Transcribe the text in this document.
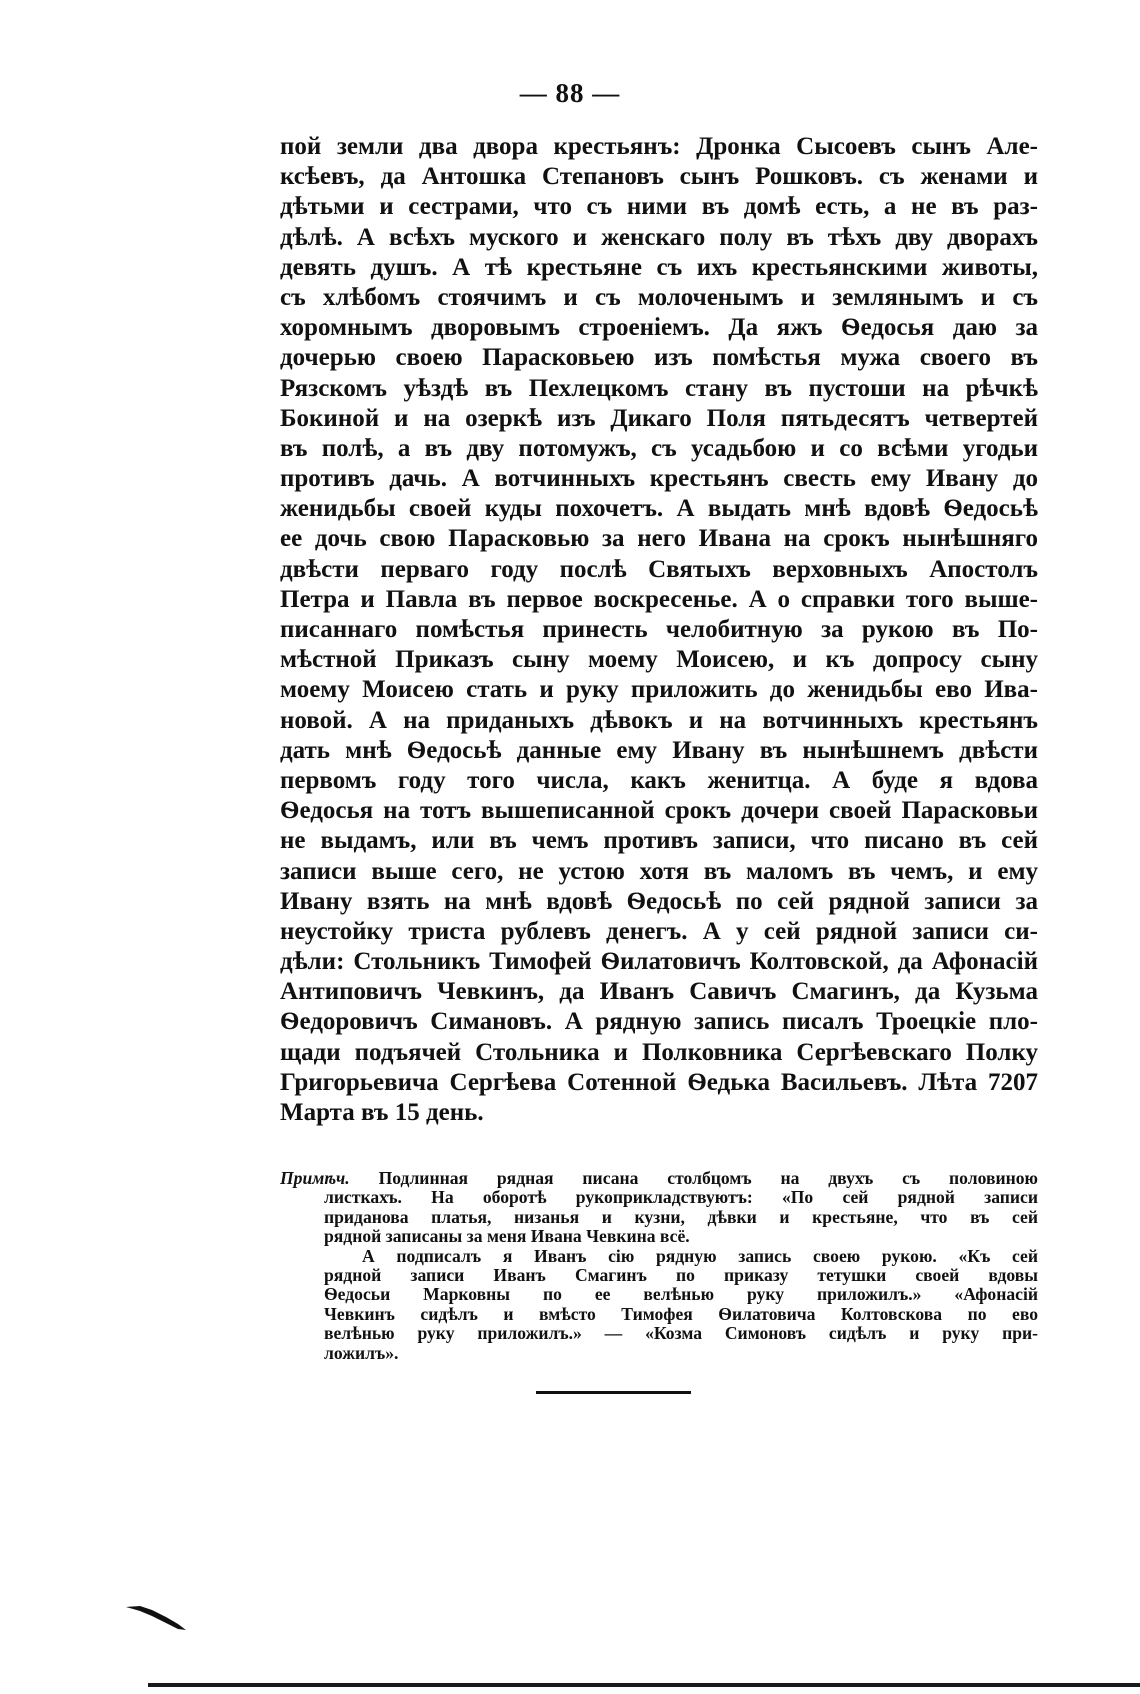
— 88 —
пой земли два двора крестьянъ: Дронка Сысоевъ сынъ Але-
ксѣевъ, да Антошка Степановъ сынъ Рошковъ. съ женами и
дѣтьми и сестрами, что съ ними въ домѣ есть, а не въ раз-
дѣлѣ. А всѣхъ муского и женскаго полу въ тѣхъ дву дворахъ
девять душъ. А тѣ крестьяне съ ихъ крестьянскими животы,
съ хлѣбомъ стоячимъ и съ молоченымъ и землянымъ и съ
хоромнымъ дворовымъ строеніемъ. Да яжъ Ѳедосья даю за
дочерью своею Парасковьею изъ помѣстья мужа своего въ
Рязскомъ уѣздѣ въ Пехлецкомъ стану въ пустоши на рѣчкѣ
Бокиной и на озеркѣ изъ Дикаго Поля пятьдесятъ четвертей
въ полѣ, а въ дву потомужъ, съ усадьбою и со всѣми угодьи
противъ дачь. А вотчинныхъ крестьянъ свесть ему Ивану до
женидьбы своей куды похочетъ. А выдать мнѣ вдовѣ Ѳедосьѣ
ее дочь свою Парасковью за него Ивана на срокъ нынѣшняго
двѣсти перваго году послѣ Святыхъ верховныхъ Апостолъ
Петра и Павла въ первое воскресенье. А о справки того выше-
писаннаго помѣстья принесть челобитную за рукою въ По-
мѣстной Приказъ сыну моему Моисею, и къ допросу сыну
моему Моисею стать и руку приложить до женидьбы ево Ива-
новой. А на приданыхъ дѣвокъ и на вотчинныхъ крестьянъ
дать мнѣ Ѳедосьѣ данные ему Ивану въ нынѣшнемъ двѣсти
первомъ году того числа, какъ женитца. А буде я вдова
Ѳедосья на тотъ вышеписанной срокъ дочери своей Парасковьи
не выдамъ, или въ чемъ противъ записи, что писано въ сей
записи выше сего, не устою хотя въ маломъ въ чемъ, и ему
Ивану взять на мнѣ вдовѣ Ѳедосьѣ по сей рядной записи за
неустойку триста рублевъ денегъ. А у сей рядной записи си-
дѣли: Стольникъ Тимофей Ѳилатовичъ Колтовской, да Афонасій
Антиповичъ Чевкинъ, да Иванъ Савичъ Смагинъ, да Кузьма
Ѳедоровичъ Симановъ. А рядную запись писалъ Троецкіе пло-
щади подъячей Стольника и Полковника Сергѣевскаго Полку
Григорьевича Сергѣева Сотенной Ѳедька Васильевъ. Лѣта 7207
Марта въ 15 день.
Примѣч. Подлинная рядная писана столбцомъ на двухъ съ половиною
листкахъ. На оборотѣ рукоприкладствуютъ: «По сей рядной записи
приданова платья, низанья и кузни, дѣвки и крестьяне, что въ сей
рядной записаны за меня Ивана Чевкина всё.
А подписалъ я Иванъ сію рядную запись своею рукою. «Къ сей
рядной записи Иванъ Смагинъ по приказу тетушки своей вдовы
Ѳедосьи Марковны по ее велѣнью руку приложилъ.» «Афонасій
Чевкинъ сидѣлъ и вмѣсто Тимофея Ѳилатовича Колтовскова по ево
велѣнью руку приложилъ.» — «Козма Симоновъ сидѣлъ и руку при-
ложилъ».
